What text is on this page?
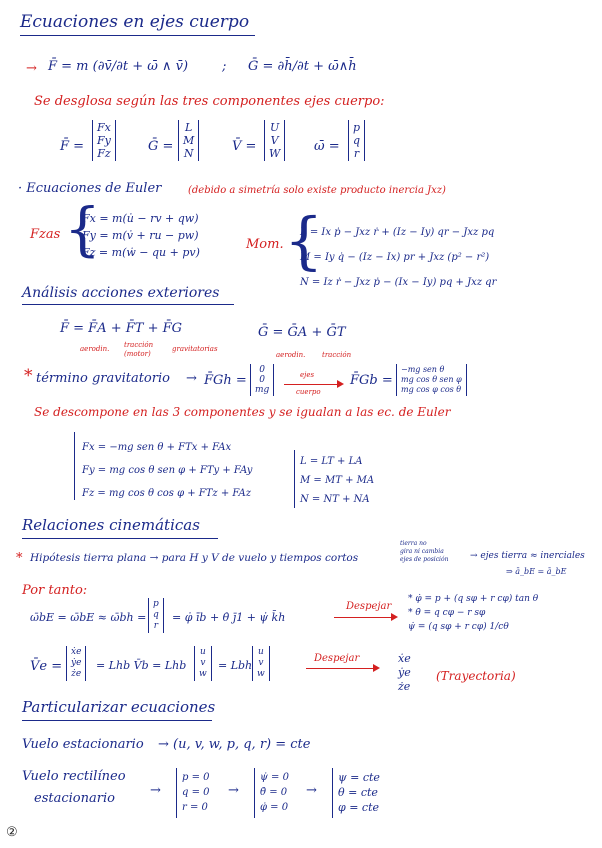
Ecuaciones en ejes cuerpo
→ F̄ = m (∂v̄/∂t + ω̄ ∧ v̄)	; Ḡ = ∂h̄/∂t + ω̄∧h̄
Se desglosa según las tres componentes ejes cuerpo:
F̄ =
Fx
Fy
Fz	Ḡ =
L
M
N	V̄ =
U
V
W	ω̄ =
p
q
r
· Ecuaciones de Euler	(debido a simetría solo existe producto inercia Jxz)
Fzas {
Fx = m(u̇ − rv + qw)
Fy = m(v̇ + ru − pw)
Fz = m(ẇ − qu + pv)
Mom. {
L = Ix ṗ − Jxz ṙ + (Iz − Iy) qr − Jxz pq
M = Iy q̇ − (Iz − Ix) pr + Jxz (p² − r²)
N = Iz ṙ − Jxz ṗ − (Ix − Iy) pq + Jxz qr
Análisis acciones exteriores
F̄ = F̄A + F̄T + F̄G	Ḡ = ḠA + ḠT
aerodin. tracción
(motor)
gravitatorias
aerodin. tracción
* término gravitatorio → F̄Gh =
0
0
mg
ejes
cuerpo
F̄Gb =
−mg sen θ
mg cos θ sen φ
mg cos φ cos θ
Se descompone en las 3 componentes y se igualan a las ec. de Euler
Fx = −mg sen θ + FTx + FAx
Fy = mg cos θ sen φ + FTy + FAy
Fz = mg cos θ cos φ + FTz + FAz
L = LT + LA
M = MT + MA
N = NT + NA
Relaciones cinemáticas
* Hipótesis tierra plana → para H y V de vuelo y tiempos cortos
tierra no
gira ni cambia
ejes de posición → ejes tierra ≈ inerciales
⇒ ā_bE = ā_bE
Por tanto:
ω̄bE = ω̄bE ≈ ω̄bh =
p
q
r
= φ̇ īb + θ̇ j̄1 + ψ̇ k̄h
Despejar
* φ̇ = p + (q sφ + r cφ) tan θ
* θ̇ = q cφ − r sφ
ψ̇ = (q sφ + r cφ) 1/cθ
V̄e =
ẋe
ẏe
że
= Lhb V̄b = Lhb
u
v
w
= Lbh
u
v
w
Despejar	ẋe
ẏe
że
(Trayectoria)
Particularizar ecuaciones
Vuelo estacionario → (u, v, w, p, q, r) = cte
Vuelo rectilíneo
estacionario
→
p = 0
q = 0
r = 0
→
ψ̇ = 0
θ̇ = 0
φ̇ = 0
→
ψ = cte
θ = cte
φ = cte
②
